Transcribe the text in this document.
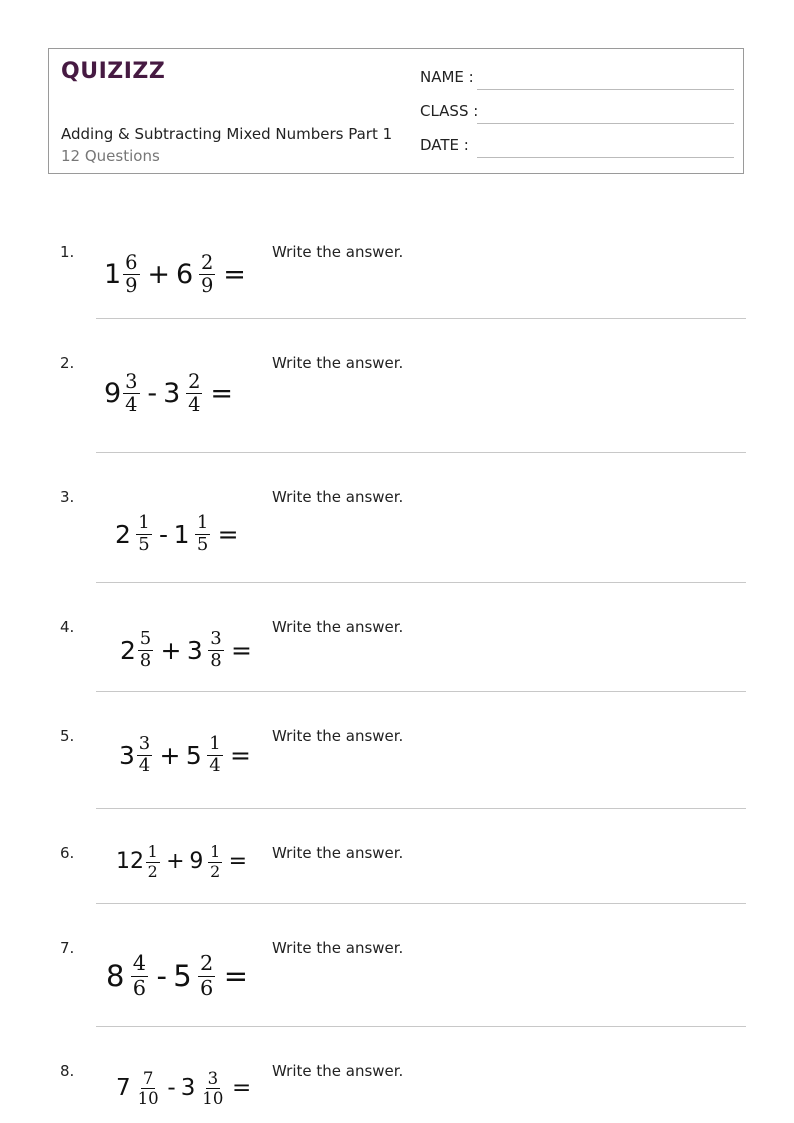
QUIZIZZ
Adding & Subtracting Mixed Numbers Part 1
12 Questions
NAME :
CLASS :
DATE :
1.	Write the answer.
$1 \frac{6}{9} + 6 \frac{2}{9}$ =
2.	Write the answer.
$9 \frac{3}{4} - 3 \frac{2}{4}$ =
3.	Write the answer.
$2 \frac{1}{5} - 1 \frac{1}{5}$ =
4.	Write the answer.
$2 \frac{5}{8} + 3 \frac{3}{8}$ =
5.	Write the answer.
$3 \frac{3}{4} + 5 \frac{1}{4}$ =
6.	Write the answer.
$12 \frac{1}{2} + 9 \frac{1}{2}$ =
7.	Write the answer.
$8 \frac{4}{6} - 5 \frac{2}{6}$ =
8.	Write the answer.
$7 \frac{7}{10} - 3 \frac{3}{10}$ =
